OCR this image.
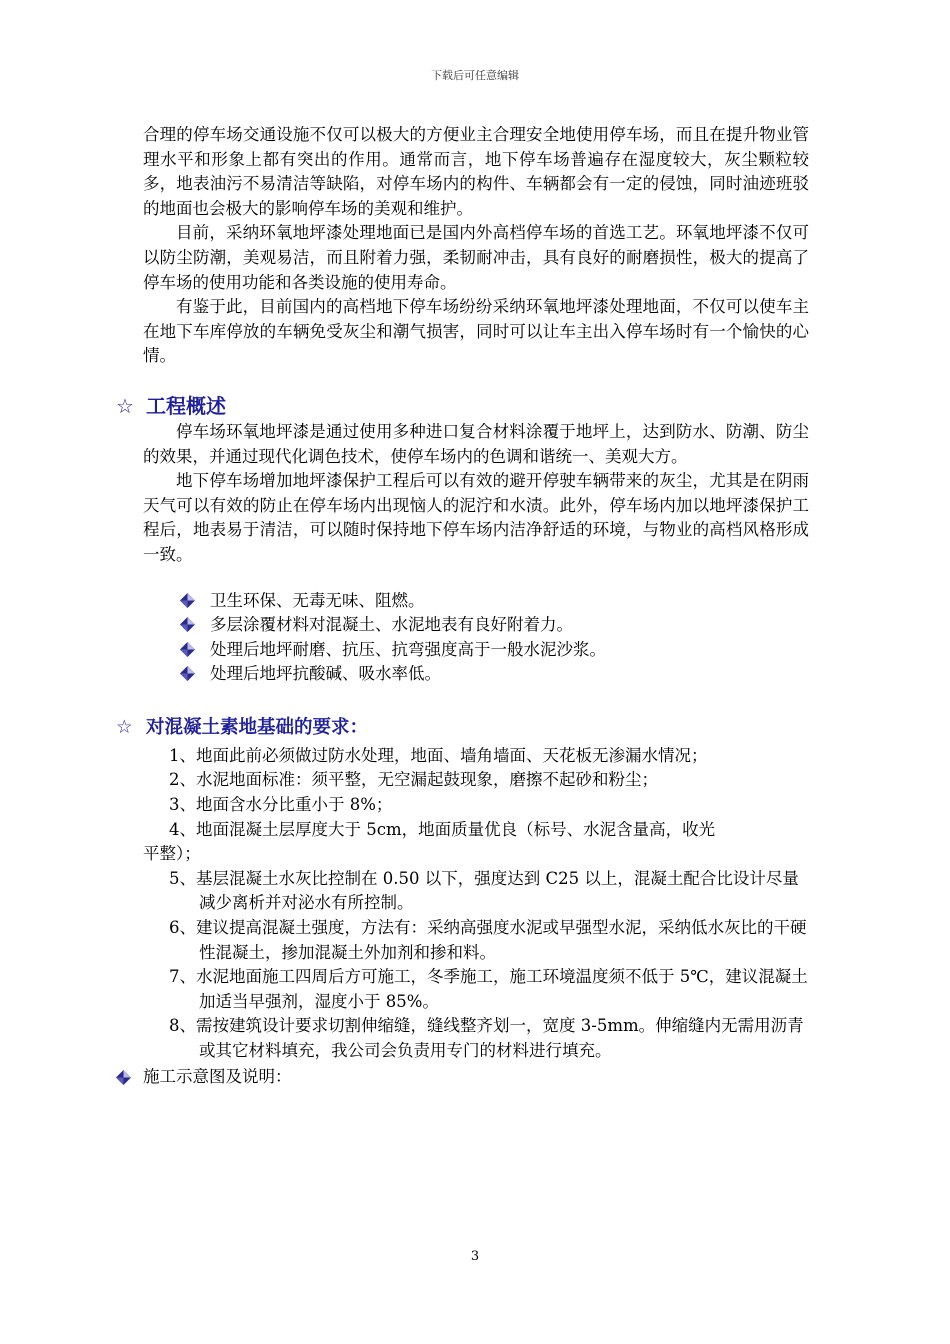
下载后可任意编辑

合理的停车场交通设施不仅可以极大的方便业主合理安全地使用停车场，而且在提升物业管理水平和形象上都有突出的作用。通常而言，地下停车场普遍存在湿度较大，灰尘颗粒较多，地表油污不易清洁等缺陷，对停车场内的构件、车辆都会有一定的侵蚀，同时油迹班驳的地面也会极大的影响停车场的美观和维护。

目前，采纳环氧地坪漆处理地面已是国内外高档停车场的首选工艺。环氧地坪漆不仅可以防尘防潮，美观易洁，而且附着力强，柔韧耐冲击，具有良好的耐磨损性，极大的提高了停车场的使用功能和各类设施的使用寿命。

有鉴于此，目前国内的高档地下停车场纷纷采纳环氧地坪漆处理地面，不仅可以使车主在地下车库停放的车辆免受灰尘和潮气损害，同时可以让车主出入停车场时有一个愉快的心情。

☆ 工程概述

停车场环氧地坪漆是通过使用多种进口复合材料涂覆于地坪上，达到防水、防潮、防尘的效果，并通过现代化调色技术，使停车场内的色调和谐统一、美观大方。

地下停车场增加地坪漆保护工程后可以有效的避开停驶车辆带来的灰尘，尤其是在阴雨天气可以有效的防止在停车场内出现恼人的泥泞和水渍。此外，停车场内加以地坪漆保护工程后，地表易于清洁，可以随时保持地下停车场内洁净舒适的环境，与物业的高档风格形成一致。

卫生环保、无毒无味、阻燃。
多层涂覆材料对混凝土、水泥地表有良好附着力。
处理后地坪耐磨、抗压、抗弯强度高于一般水泥沙浆。
处理后地坪抗酸碱、吸水率低。
☆ 对混凝土素地基础的要求：
1、地面此前必须做过防水处理，地面、墙角墙面、天花板无渗漏水情况；
2、水泥地面标准：须平整，无空漏起鼓现象，磨擦不起砂和粉尘；
3、地面含水分比重小于 8%；
4、地面混凝土层厚度大于 5cm，地面质量优良（标号、水泥含量高，收光
平整）；
5、基层混凝土水灰比控制在 0.50 以下，强度达到 C25 以上，混凝土配合比设计尽量减少离析并对泌水有所控制。
6、建议提高混凝土强度，方法有：采纳高强度水泥或早强型水泥，采纳低水灰比的干硬性混凝土，掺加混凝土外加剂和掺和料。
7、水泥地面施工四周后方可施工，冬季施工，施工环境温度须不低于 5℃，建议混凝土加适当早强剂，湿度小于 85%。
8、需按建筑设计要求切割伸缩缝，缝线整齐划一，宽度 3-5mm。伸缩缝内无需用沥青或其它材料填充，我公司会负责用专门的材料进行填充。
施工示意图及说明：
3
